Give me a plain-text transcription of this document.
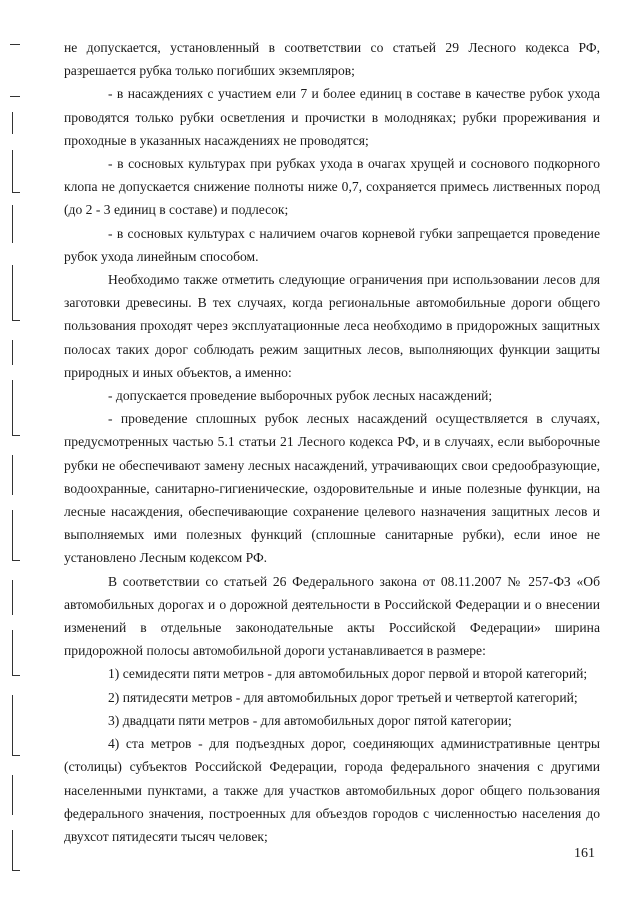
не допускается, установленный в соответствии со статьей 29 Лесного кодекса РФ, разрешается рубка только погибших экземпляров;

- в насаждениях с участием ели 7 и более единиц в составе в качестве рубок ухода проводятся только рубки осветления и прочистки в молодняках; рубки прореживания и проходные в указанных насаждениях не проводятся;

- в сосновых культурах при рубках ухода в очагах хрущей и соснового подкорного клопа не допускается снижение полноты ниже 0,7, сохраняется примесь лиственных пород (до 2 - 3 единиц в составе) и подлесок;

- в сосновых культурах с наличием очагов корневой губки запрещается проведение рубок ухода линейным способом.

Необходимо также отметить следующие ограничения при использовании лесов для заготовки древесины. В тех случаях, когда региональные автомобильные дороги общего пользования проходят через эксплуатационные леса необходимо в придорожных защитных полосах таких дорог соблюдать режим защитных лесов, выполняющих функции защиты природных и иных объектов, а именно:

- допускается проведение выборочных рубок лесных насаждений;

- проведение сплошных рубок лесных насаждений осуществляется в случаях, предусмотренных частью 5.1 статьи 21 Лесного кодекса РФ, и в случаях, если выборочные рубки не обеспечивают замену лесных насаждений, утрачивающих свои средообразующие, водоохранные, санитарно-гигиенические, оздоровительные и иные полезные функции, на лесные насаждения, обеспечивающие сохранение целевого назначения защитных лесов и выполняемых ими полезных функций (сплошные санитарные рубки), если иное не установлено Лесным кодексом РФ.

В соответствии со статьей 26 Федерального закона от 08.11.2007 № 257-ФЗ «Об автомобильных дорогах и о дорожной деятельности в Российской Федерации и о внесении изменений в отдельные законодательные акты Российской Федерации» ширина придорожной полосы автомобильной дороги устанавливается в размере:

1) семидесяти пяти метров - для автомобильных дорог первой и второй категорий;

2) пятидесяти метров - для автомобильных дорог третьей и четвертой категорий;

3) двадцати пяти метров - для автомобильных дорог пятой категории;

4) ста метров - для подъездных дорог, соединяющих административные центры (столицы) субъектов Российской Федерации, города федерального значения с другими населенными пунктами, а также для участков автомобильных дорог общего пользования федерального значения, построенных для объездов городов с численностью населения до двухсот пятидесяти тысяч человек;

161
